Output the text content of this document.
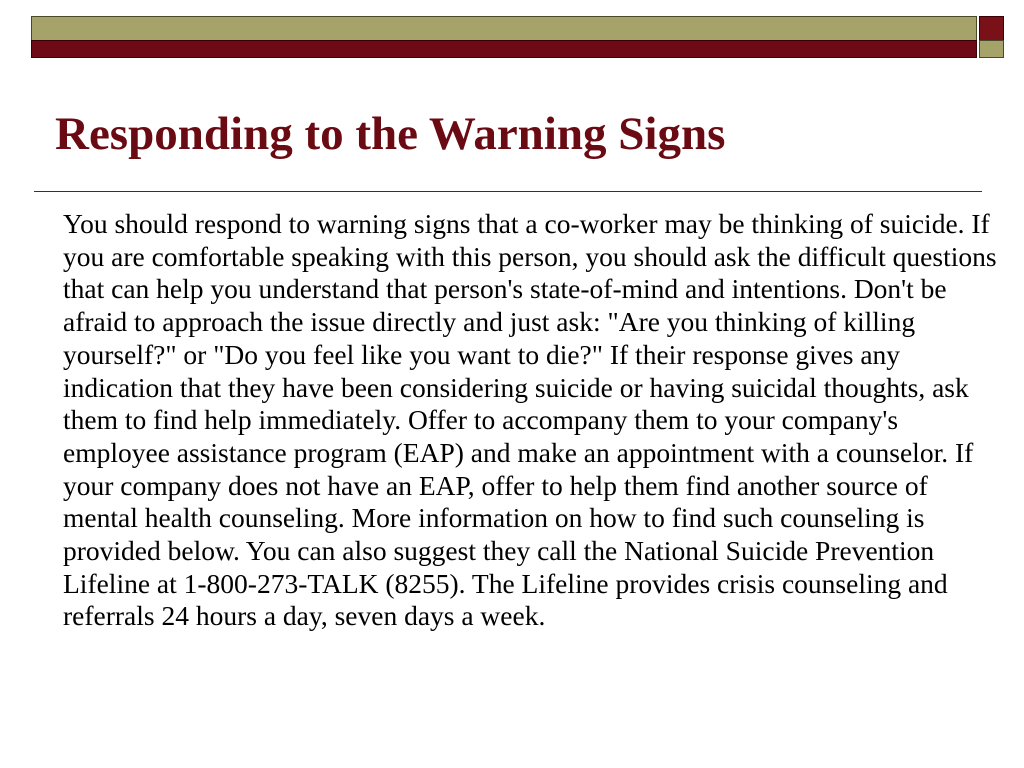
Responding to the Warning Signs

You should respond to warning signs that a co-worker may be thinking of suicide. If you are comfortable speaking with this person, you should ask the difficult questions that can help you understand that person's state-of-mind and intentions. Don't be afraid to approach the issue directly and just ask: "Are you thinking of killing yourself?" or "Do you feel like you want to die?" If their response gives any indication that they have been considering suicide or having suicidal thoughts, ask them to find help immediately. Offer to accompany them to your company's employee assistance program (EAP) and make an appointment with a counselor. If your company does not have an EAP, offer to help them find another source of mental health counseling. More information on how to find such counseling is provided below. You can also suggest they call the National Suicide Prevention Lifeline at 1-800-273-TALK (8255). The Lifeline provides crisis counseling and referrals 24 hours a day, seven days a week.
